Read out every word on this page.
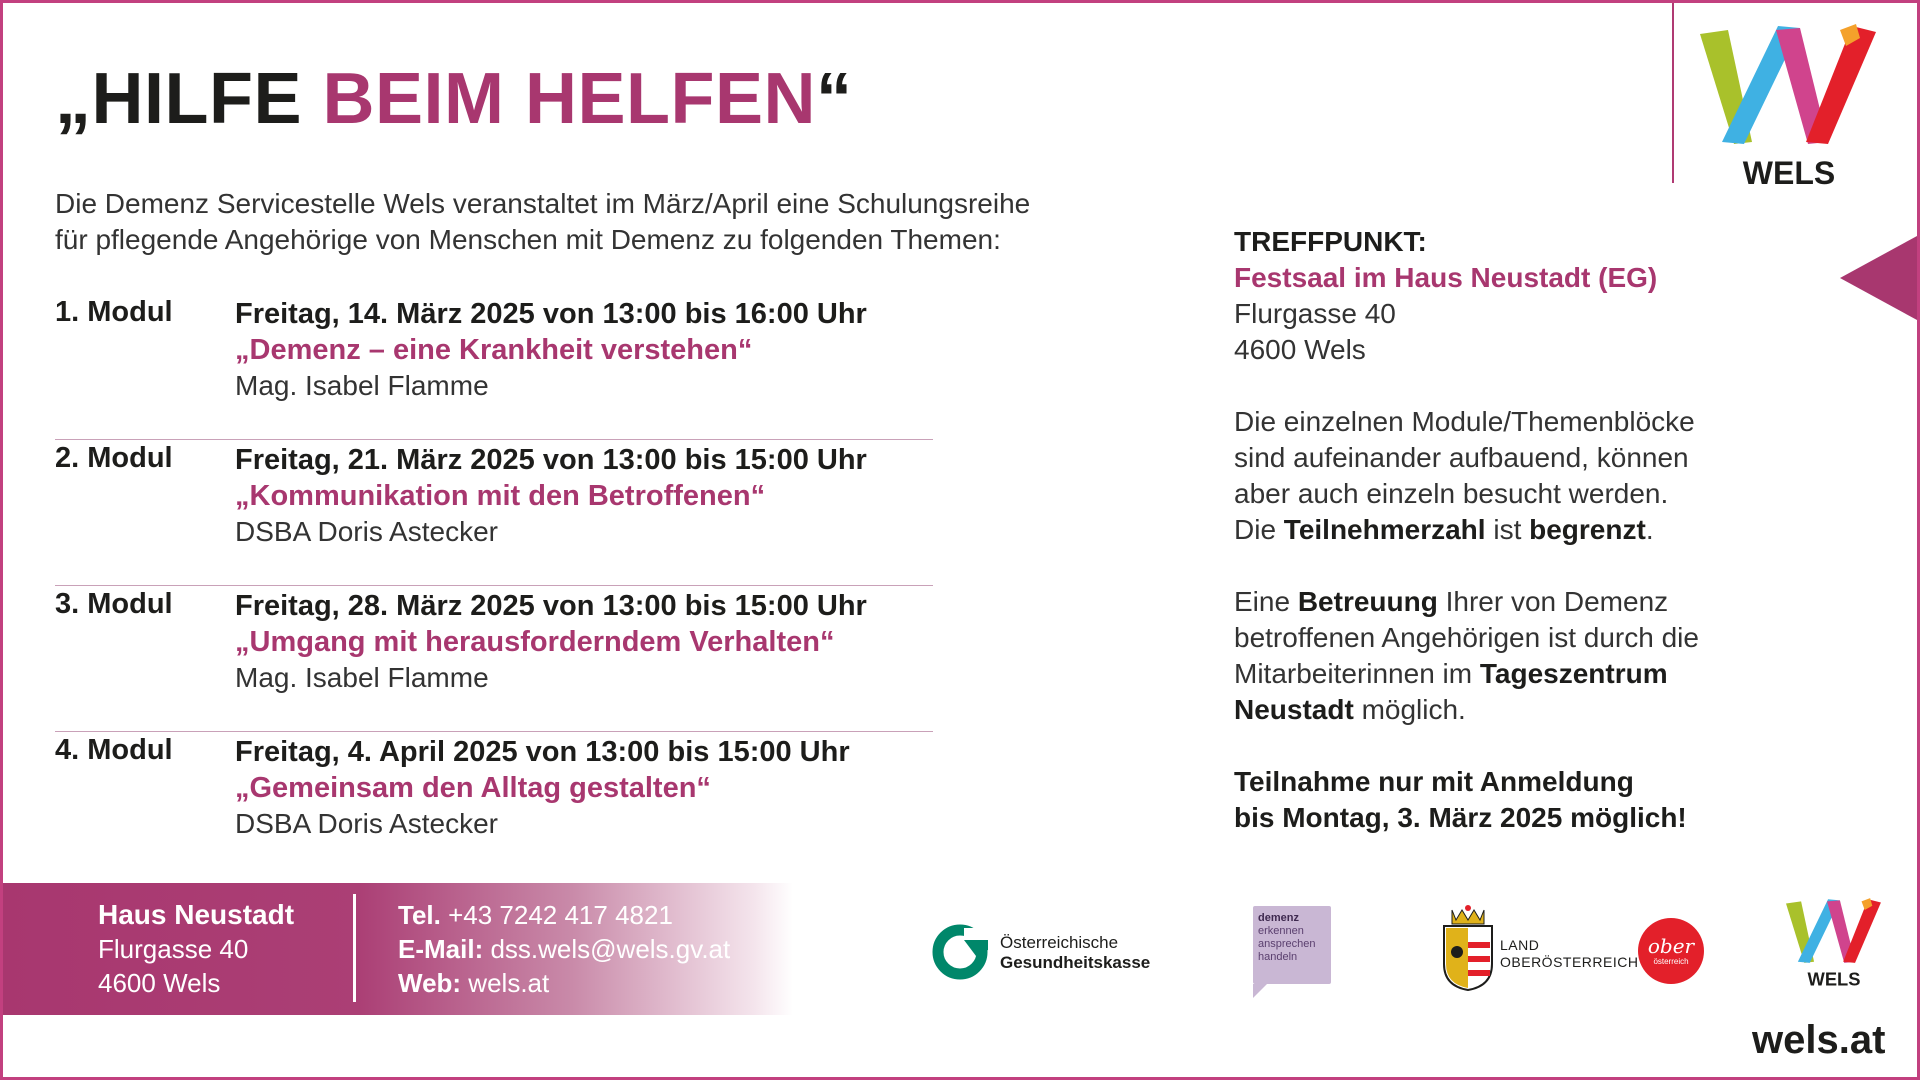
„HILFE BEIM HELFEN“
Die Demenz Servicestelle Wels veranstaltet im März/April eine Schulungsreihe für pflegende Angehörige von Menschen mit Demenz zu folgenden Themen:
1. Modul Freitag, 14. März 2025 von 13:00 bis 16:00 Uhr
„Demenz – eine Krankheit verstehen“
Mag. Isabel Flamme
2. Modul Freitag, 21. März 2025 von 13:00 bis 15:00 Uhr
„Kommunikation mit den Betroffenen“
DSBA Doris Astecker
3. Modul Freitag, 28. März 2025 von 13:00 bis 15:00 Uhr
„Umgang mit herausforderndem Verhalten“
Mag. Isabel Flamme
4. Modul Freitag, 4. April 2025 von 13:00 bis 15:00 Uhr
„Gemeinsam den Alltag gestalten“
DSBA Doris Astecker

TREFFPUNKT:
Festsaal im Haus Neustadt (EG)
Flurgasse 40
4600 Wels

Die einzelnen Module/Themenblöcke
sind aufeinander aufbauend, können
aber auch einzeln besucht werden.
Die Teilnehmerzahl ist begrenzt.

Eine Betreuung Ihrer von Demenz betroffenen Angehörigen ist durch die Mitarbeiterinnen im Tageszentrum Neustadt möglich.

Teilnahme nur mit Anmeldung
bis Montag, 3. März 2025 möglich!

WELS
Haus Neustadt
Flurgasse 40
4600 Wels
Tel. +43 7242 417 4821
E-Mail: dss.wels@wels.gv.at
Web: wels.at
Österreichische
Gesundheitskasse
demenz
erkennen
ansprechen
handeln
LAND
OBERÖSTERREICH
ober
österreich
WELS
wels.at
